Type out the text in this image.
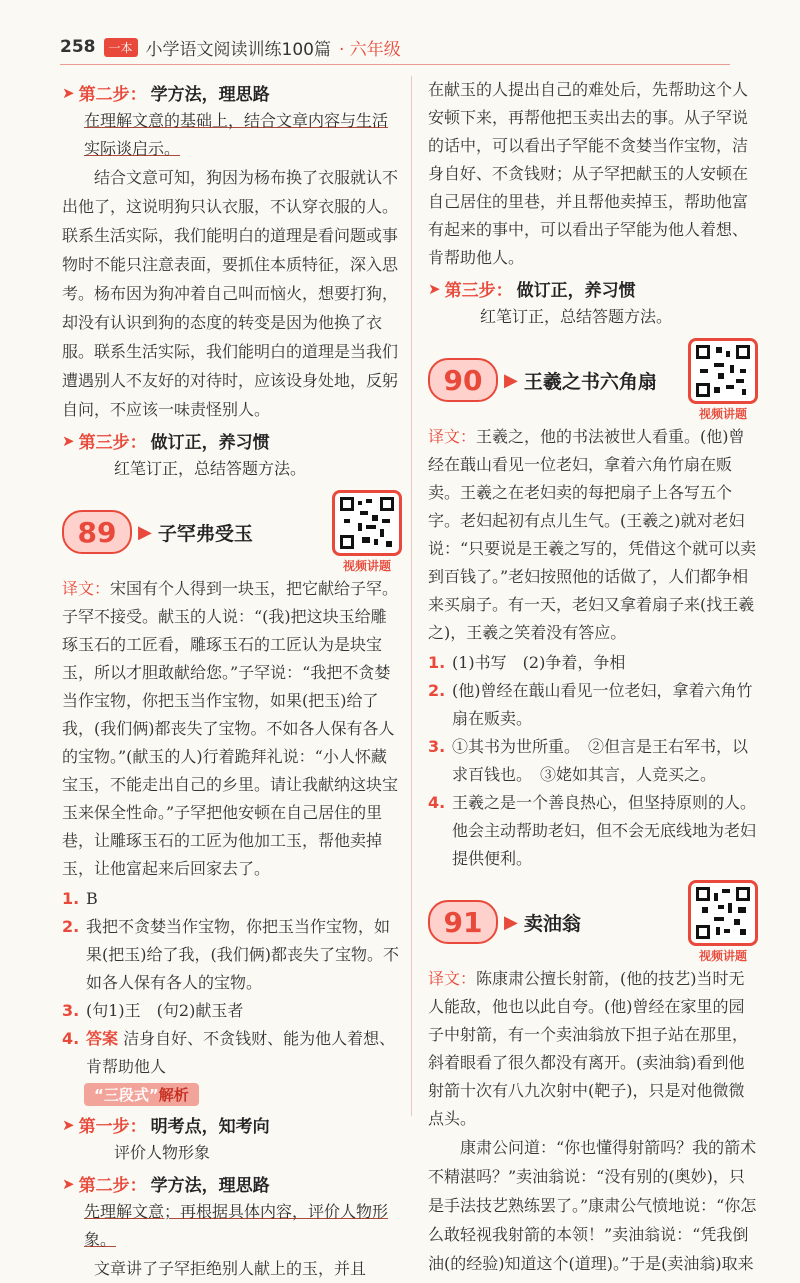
258	一本 小学语文阅读训练100篇 · 六年级
➤ 第二步： 学方法，理思路
在理解文意的基础上，结合文章内容与生活实际谈启示。

结合文意可知，狗因为杨布换了衣服就认不出他了，这说明狗只认衣服，不认穿衣服的人。联系生活实际，我们能明白的道理是看问题或事物时不能只注意表面，要抓住本质特征，深入思考。杨布因为狗冲着自己叫而恼火，想要打狗，却没有认识到狗的态度的转变是因为他换了衣服。联系生活实际，我们能明白的道理是当我们遭遇别人不友好的对待时，应该设身处地，反躬自问，不应该一味责怪别人。

➤ 第三步： 做订正，养习惯
红笔订正，总结答题方法。
89	▶ 子罕弗受玉
视频讲题

译文：宋国有个人得到一块玉，把它献给子罕。子罕不接受。献玉的人说：“(我)把这块玉给雕琢玉石的工匠看，雕琢玉石的工匠认为是块宝玉，所以才胆敢献给您。”子罕说：“我把不贪婪当作宝物，你把玉当作宝物，如果(把玉)给了我，(我们俩)都丧失了宝物。不如各人保有各人的宝物。”(献玉的人)行着跪拜礼说：“小人怀藏宝玉，不能走出自己的乡里。请让我献纳这块宝玉来保全性命。”子罕把他安顿在自己居住的里巷，让雕琢玉石的工匠为他加工玉，帮他卖掉玉，让他富起来后回家去了。

1. B
2. 我把不贪婪当作宝物，你把玉当作宝物，如果(把玉)给了我，(我们俩)都丧失了宝物。不如各人保有各人的宝物。
3. (句1)王　(句2)献玉者
4. 答案 洁身自好、不贪钱财、能为他人着想、肯帮助他人
“三段式”解析
➤ 第一步： 明考点，知考向
评价人物形象
➤ 第二步： 学方法，理思路
先理解文意；再根据具体内容，评价人物形象。

文章讲了子罕拒绝别人献上的玉，并且

在献玉的人提出自己的难处后，先帮助这个人安顿下来，再帮他把玉卖出去的事。从子罕说的话中，可以看出子罕能不贪婪当作宝物，洁身自好、不贪钱财；从子罕把献玉的人安顿在自己居住的里巷，并且帮他卖掉玉，帮助他富有起来的事中，可以看出子罕能为他人着想、肯帮助他人。

➤ 第三步： 做订正，养习惯
红笔订正，总结答题方法。
90	▶ 王羲之书六角扇
视频讲题

译文：王羲之，他的书法被世人看重。(他)曾经在蕺山看见一位老妇，拿着六角竹扇在贩卖。王羲之在老妇卖的每把扇子上各写五个字。老妇起初有点儿生气。(王羲之)就对老妇说：“只要说是王羲之写的，凭借这个就可以卖到百钱了。”老妇按照他的话做了，人们都争相来买扇子。有一天，老妇又拿着扇子来(找王羲之)，王羲之笑着没有答应。

1. (1)书写　(2)争着，争相
2. (他)曾经在蕺山看见一位老妇，拿着六角竹扇在贩卖。
3. ①其书为世所重。　②但言是王右军书，以求百钱也。　③姥如其言，人竞买之。
4. 王羲之是一个善良热心，但坚持原则的人。他会主动帮助老妇，但不会无底线地为老妇提供便利。
91	▶ 卖油翁
视频讲题

译文：陈康肃公擅长射箭，(他的技艺)当时无人能敌，他也以此自夸。(他)曾经在家里的园子中射箭，有一个卖油翁放下担子站在那里，斜着眼看了很久都没有离开。(卖油翁)看到他射箭十次有八九次射中(靶子)，只是对他微微点头。

康肃公问道：“你也懂得射箭吗？我的箭术不精湛吗？”卖油翁说：“没有别的(奥妙)，只是手法技艺熟练罢了。”康肃公气愤地说：“你怎么敢轻视我射箭的本领！”卖油翁说：“凭我倒油(的经验)知道这个(道理)。”于是(卖油翁)取来
